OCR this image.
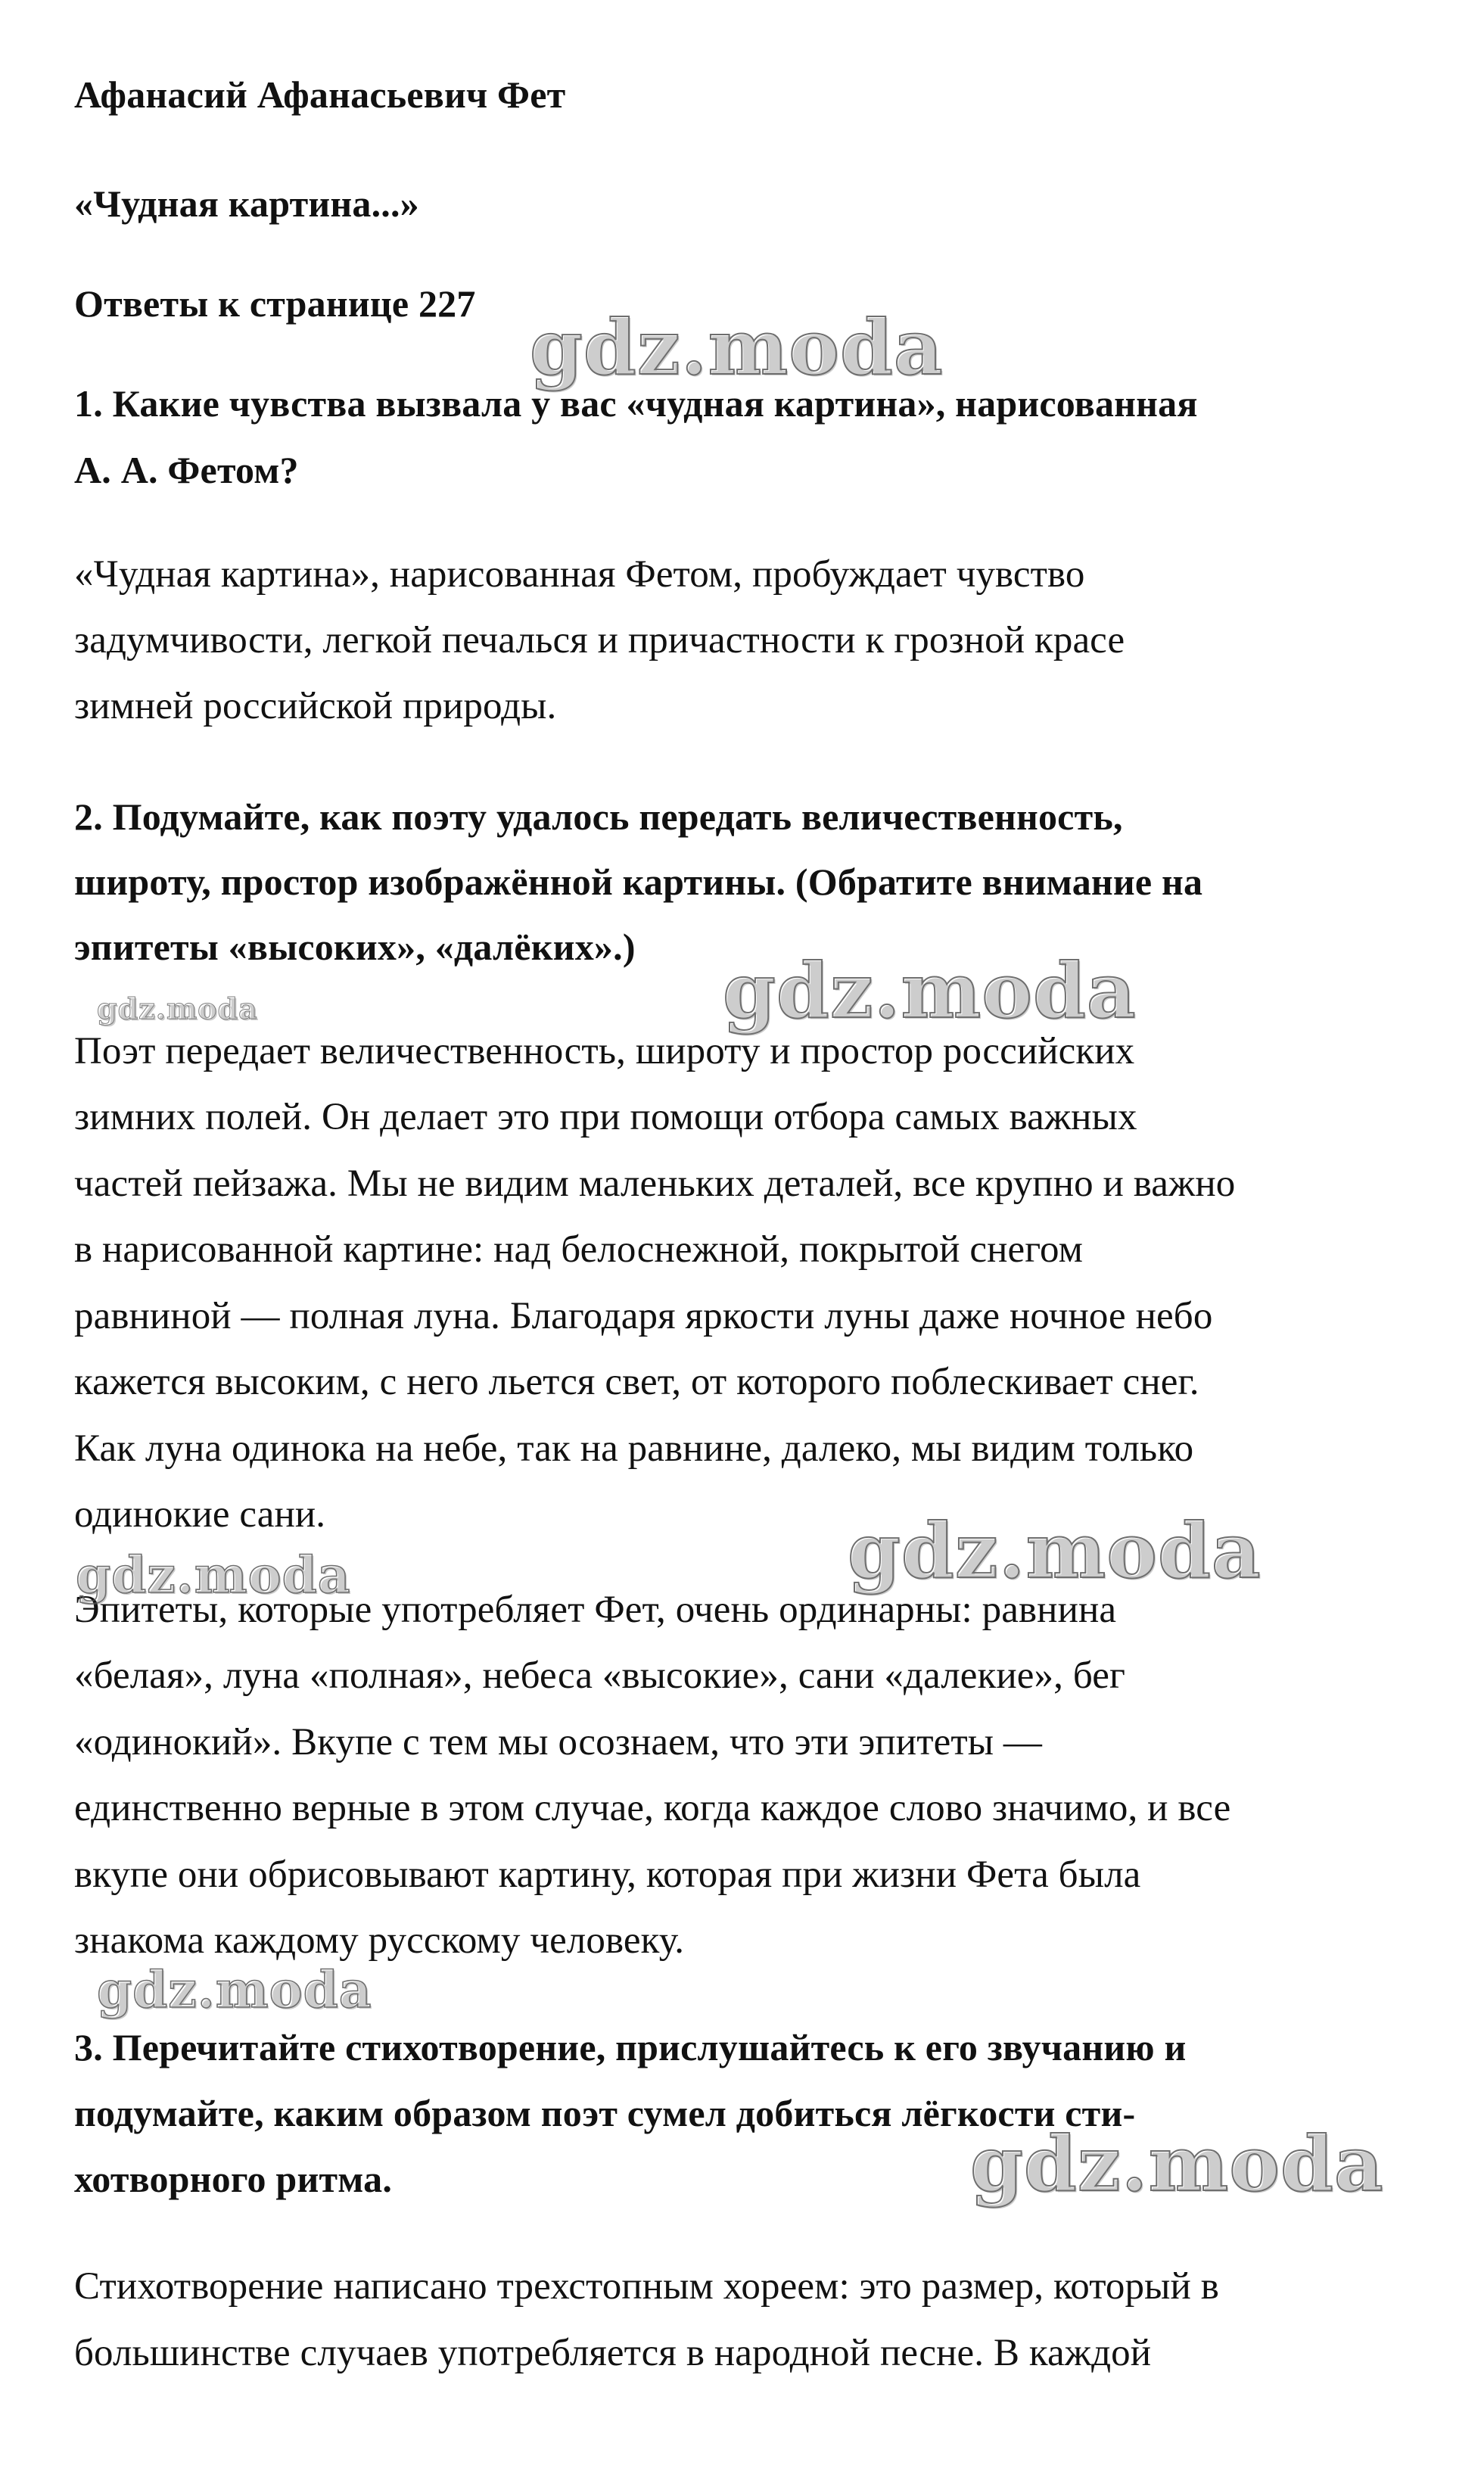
Афанасий Афанасьевич Фет
«Чудная картина...»
Ответы к странице 227
1. Какие чувства вызвала у вас «чудная картина», нарисованная
А. А. Фетом?
«Чудная картина», нарисованная Фетом, пробуждает чувство
задумчивости, легкой печалься и причастности к грозной красе
зимней российской природы.
2. Подумайте, как поэту удалось передать величественность,
широту, простор изображённой картины. (Обратите внимание на
эпитеты «высоких», «далёких».)
Поэт передает величественность, широту и простор российских
зимних полей. Он делает это при помощи отбора самых важных
частей пейзажа. Мы не видим маленьких деталей, все крупно и важно
в нарисованной картине: над белоснежной, покрытой снегом
равниной — полная луна. Благодаря яркости луны даже ночное небо
кажется высоким, с него льется свет, от которого поблескивает снег.
Как луна одинока на небе, так на равнине, далеко, мы видим только
одинокие сани.
Эпитеты, которые употребляет Фет, очень ординарны: равнина
«белая», луна «полная», небеса «высокие», сани «далекие», бег
«одинокий». Вкупе с тем мы осознаем, что эти эпитеты —
единственно верные в этом случае, когда каждое слово значимо, и все
вкупе они обрисовывают картину, которая при жизни Фета была
знакома каждому русскому человеку.
3. Перечитайте стихотворение, прислушайтесь к его звучанию и
подумайте, каким образом поэт сумел добиться лёгкости сти-
хотворного ритма.
Стихотворение написано трехстопным хореем: это размер, который в
большинстве случаев употребляется в народной песне. В каждой
gdz.moda
gdz.moda	gdz.moda
gdz.moda
gdz.moda
gdz.moda
gdz.moda
